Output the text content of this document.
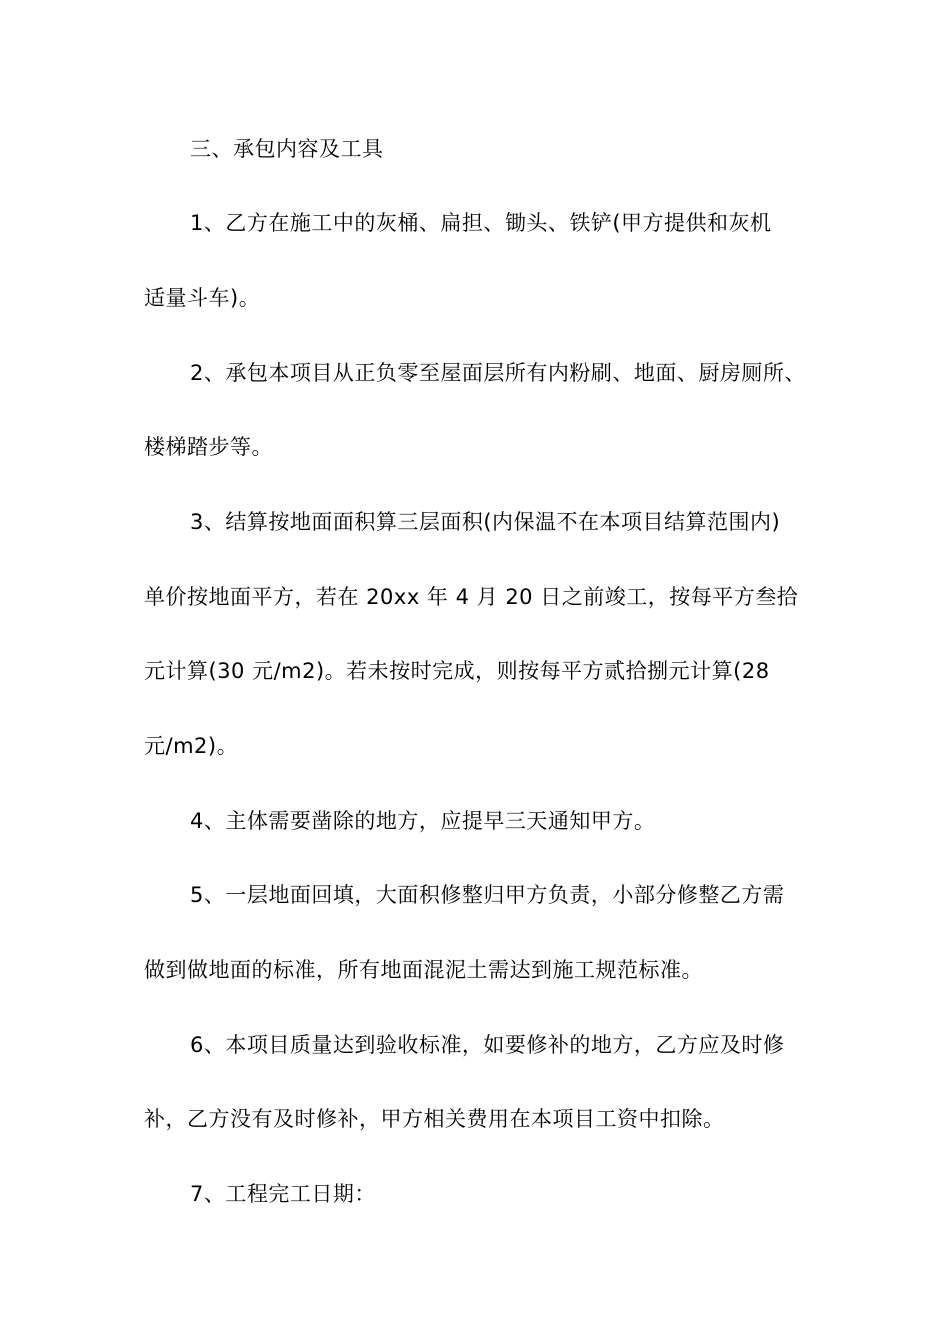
三、承包内容及工具
1、乙方在施工中的灰桶、扁担、锄头、铁铲(甲方提供和灰机
适量斗车)。
2、承包本项目从正负零至屋面层所有内粉刷、地面、厨房厕所、
楼梯踏步等。
3、结算按地面面积算三层面积(内保温不在本项目结算范围内)
单价按地面平方，若在 20xx 年 4 月 20 日之前竣工，按每平方叁拾
元计算(30 元/m2)。若未按时完成，则按每平方贰拾捌元计算(28
元/m2)。
4、主体需要凿除的地方，应提早三天通知甲方。
5、一层地面回填，大面积修整归甲方负责，小部分修整乙方需
做到做地面的标准，所有地面混泥土需达到施工规范标准。
6、本项目质量达到验收标准，如要修补的地方，乙方应及时修
补，乙方没有及时修补，甲方相关费用在本项目工资中扣除。
7、工程完工日期：
